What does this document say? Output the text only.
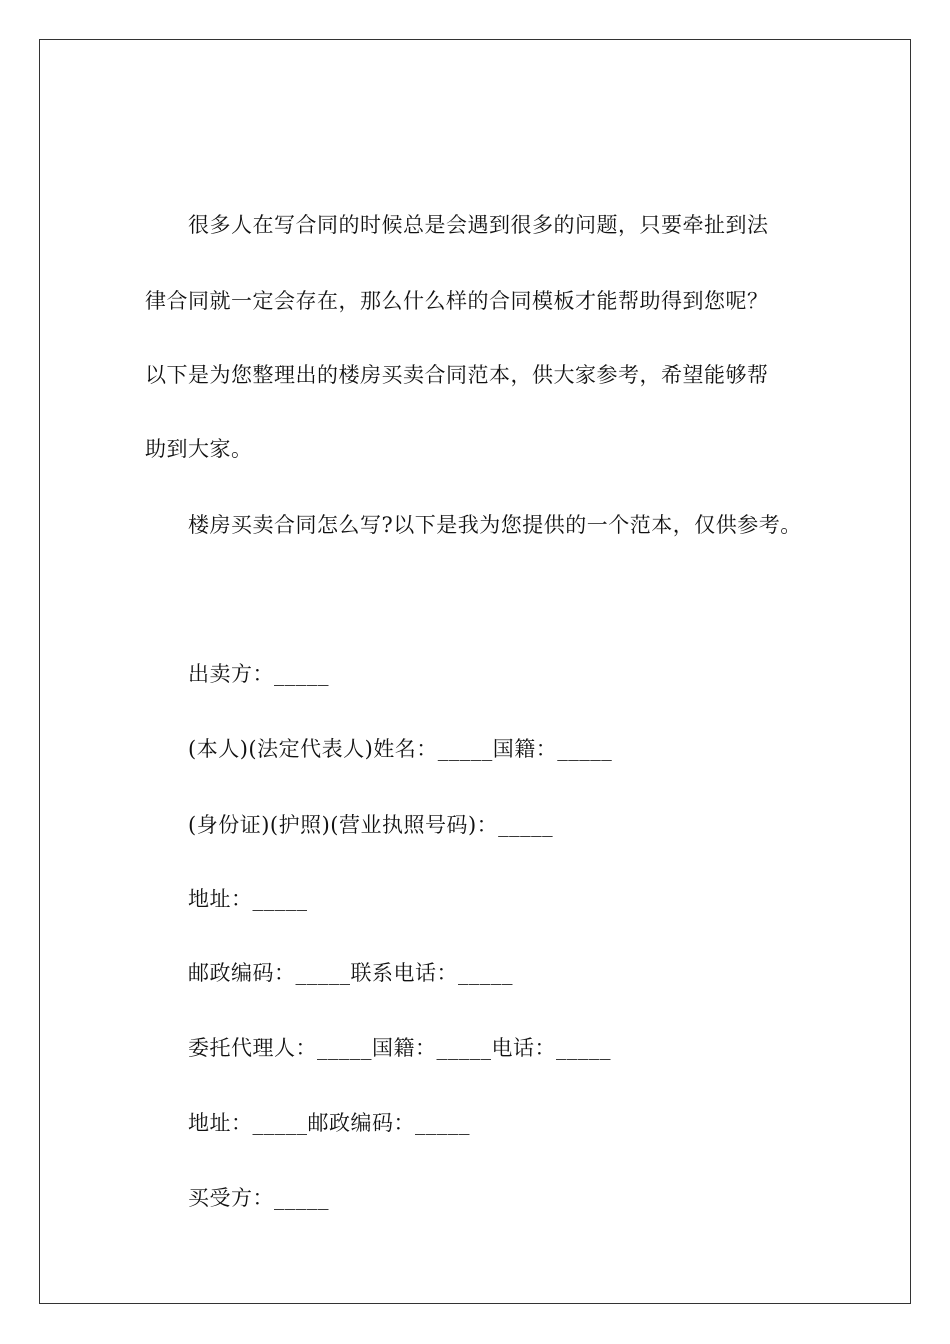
很多人在写合同的时候总是会遇到很多的问题，只要牵扯到法
律合同就一定会存在，那么什么样的合同模板才能帮助得到您呢？
以下是为您整理出的楼房买卖合同范本，供大家参考，希望能够帮
助到大家。
楼房买卖合同怎么写?以下是我为您提供的一个范本，仅供参考。
出卖方：_____
(本人)(法定代表人)姓名：_____国籍：_____
(身份证)(护照)(营业执照号码)：_____
地址：_____
邮政编码：_____联系电话：_____
委托代理人：_____国籍：_____电话：_____
地址：_____邮政编码：_____
买受方：_____
